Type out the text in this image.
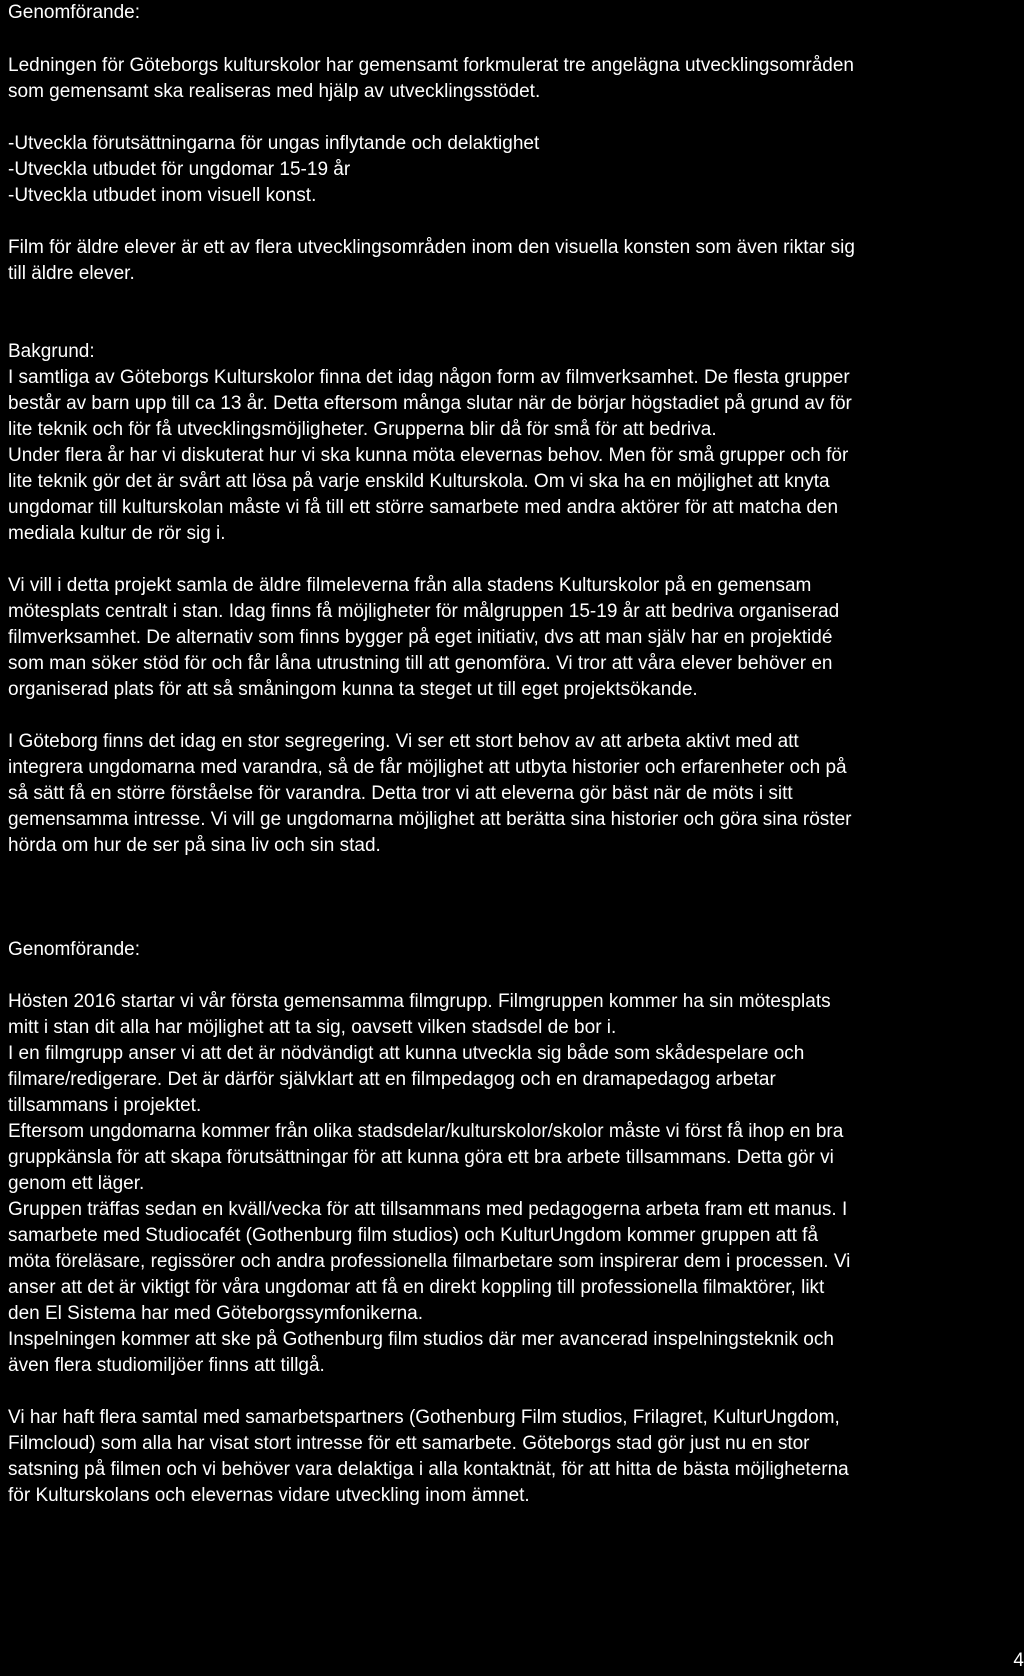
Genomförande:

Ledningen för Göteborgs kulturskolor har gemensamt forkmulerat tre angelägna utvecklingsområden
som gemensamt ska realiseras med hjälp av utvecklingsstödet.

-Utveckla förutsättningarna för ungas inflytande och delaktighet
-Utveckla utbudet för ungdomar 15-19 år
-Utveckla utbudet inom visuell konst.

Film för äldre elever är ett av flera utvecklingsområden inom den visuella konsten som även riktar sig
till äldre elever.

Bakgrund:

I samtliga av Göteborgs Kulturskolor finna det idag någon form av filmverksamhet. De flesta grupper
består av barn upp till ca 13 år. Detta eftersom många slutar när de börjar högstadiet på grund av för
lite teknik och för få utvecklingsmöjligheter. Grupperna blir då för små för att bedriva.
Under flera år har vi diskuterat hur vi ska kunna möta elevernas behov. Men för små grupper och för
lite teknik gör det är svårt att lösa på varje enskild Kulturskola. Om vi ska ha en möjlighet att knyta
ungdomar till kulturskolan måste vi få till ett större samarbete med andra aktörer för att matcha den
mediala kultur de rör sig i.

Vi vill i detta projekt samla de äldre filmeleverna från alla stadens Kulturskolor på en gemensam
mötesplats centralt i stan. Idag finns få möjligheter för målgruppen 15-19 år att bedriva organiserad
filmverksamhet. De alternativ som finns bygger på eget initiativ, dvs att man själv har en projektidé
som man söker stöd för och får låna utrustning till att genomföra. Vi tror att våra elever behöver en
organiserad plats för att så småningom kunna ta steget ut till eget projektsökande.

I Göteborg finns det idag en stor segregering. Vi ser ett stort behov av att arbeta aktivt med att
integrera ungdomarna med varandra, så de får möjlighet att utbyta historier och erfarenheter och på
så sätt få en större förståelse för varandra. Detta tror vi att eleverna gör bäst när de möts i sitt
gemensamma intresse. Vi vill ge ungdomarna möjlighet att berätta sina historier och göra sina röster
hörda om hur de ser på sina liv och sin stad.

Genomförande:

Hösten 2016 startar vi vår första gemensamma filmgrupp. Filmgruppen kommer ha sin mötesplats
mitt i stan dit alla har möjlighet att ta sig, oavsett vilken stadsdel de bor i.
I en filmgrupp anser vi att det är nödvändigt att kunna utveckla sig både som skådespelare och
filmare/redigerare. Det är därför självklart att en filmpedagog och en dramapedagog arbetar
tillsammans i projektet.
Eftersom ungdomarna kommer från olika stadsdelar/kulturskolor/skolor måste vi först få ihop en bra
gruppkänsla för att skapa förutsättningar för att kunna göra ett bra arbete tillsammans. Detta gör vi
genom ett läger.
Gruppen träffas sedan en kväll/vecka för att tillsammans med pedagogerna arbeta fram ett manus. I
samarbete med Studiocafét (Gothenburg film studios) och KulturUngdom kommer gruppen att få
möta föreläsare, regissörer och andra professionella filmarbetare som inspirerar dem i processen. Vi
anser att det är viktigt för våra ungdomar att få en direkt koppling till professionella filmaktörer, likt
den El Sistema har med Göteborgssymfonikerna.
Inspelningen kommer att ske på Gothenburg film studios där mer avancerad inspelningsteknik och
även flera studiomiljöer finns att tillgå.

Vi har haft flera samtal med samarbetspartners (Gothenburg Film studios, Frilagret, KulturUngdom,
Filmcloud) som alla har visat stort intresse för ett samarbete. Göteborgs stad gör just nu en stor
satsning på filmen och vi behöver vara delaktiga i alla kontaktnät, för att hitta de bästa möjligheterna
för Kulturskolans och elevernas vidare utveckling inom ämnet.

4
